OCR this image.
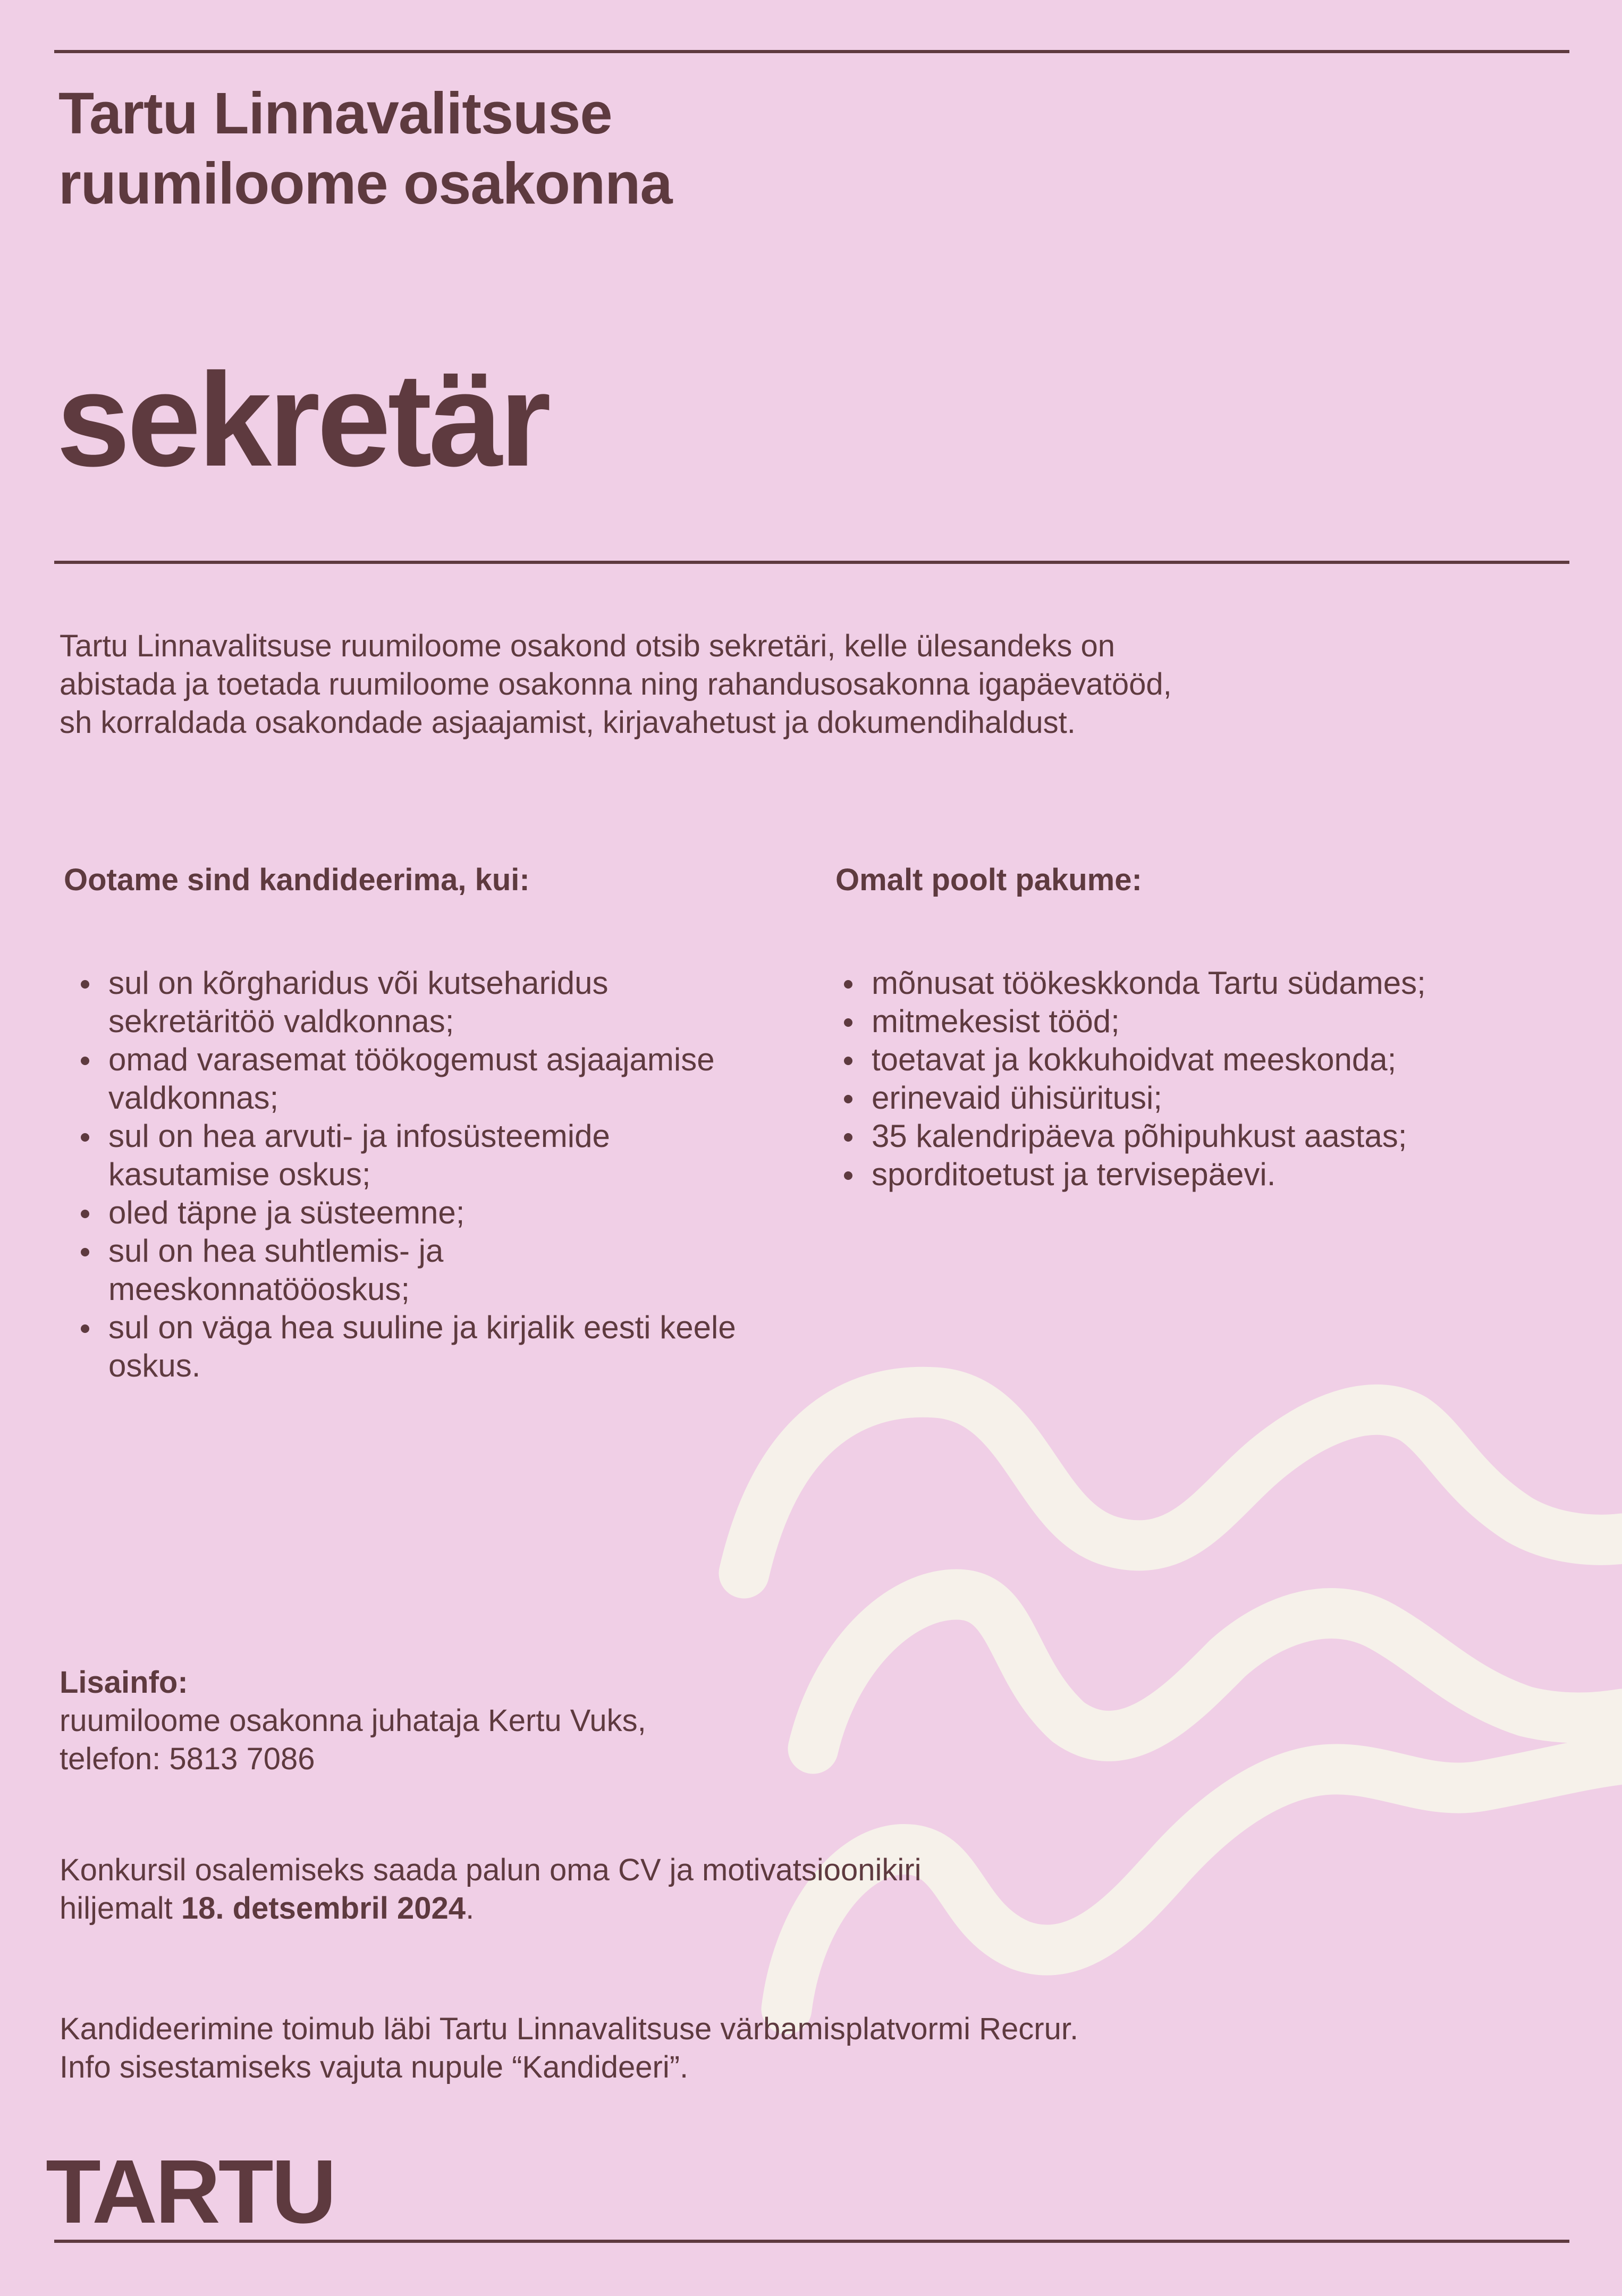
Tartu Linnavalitsuse
ruumiloome osakonna
sekretär

Tartu Linnavalitsuse ruumiloome osakond otsib sekretäri, kelle ülesandeks on
abistada ja toetada ruumiloome osakonna ning rahandusosakonna igapäevatööd,
sh korraldada osakondade asjaajamist, kirjavahetust ja dokumendihaldust.

Ootame sind kandideerima, kui:
sul on kõrgharidus või kutseharidus
sekretäritöö valdkonnas;
omad varasemat töökogemust asjaajamise
valdkonnas;
sul on hea arvuti- ja infosüsteemide
kasutamise oskus;
oled täpne ja süsteemne;
sul on hea suhtlemis- ja
meeskonnatööoskus;
sul on väga hea suuline ja kirjalik eesti keele
oskus.
Omalt poolt pakume:
mõnusat töökeskkonda Tartu südames;
mitmekesist tööd;
toetavat ja kokkuhoidvat meeskonda;
erinevaid ühisüritusi;
35 kalendripäeva põhipuhkust aastas;
sporditoetust ja tervisepäevi.

Lisainfo:
ruumiloome osakonna juhataja Kertu Vuks,
telefon: 5813 7086

Konkursil osalemiseks saada palun oma CV ja motivatsioonikiri
hiljemalt 18. detsembril 2024.

Kandideerimine toimub läbi Tartu Linnavalitsuse värbamisplatvormi Recrur.
Info sisestamiseks vajuta nupule “Kandideeri”.

TARTU
